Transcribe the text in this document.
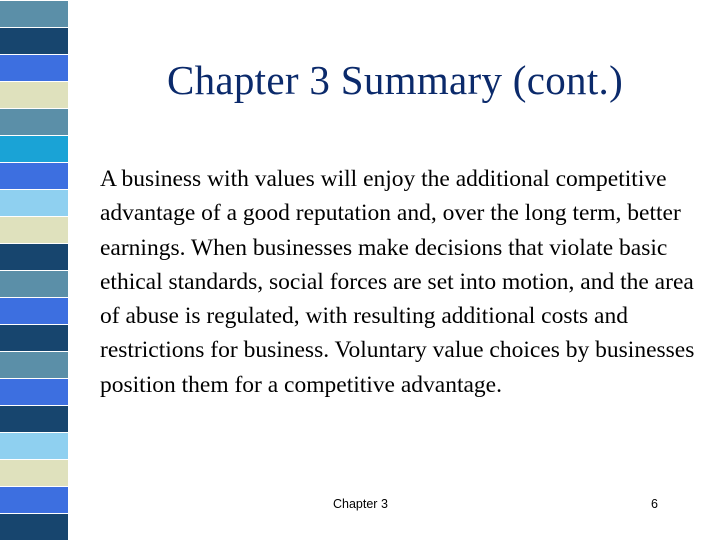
Chapter 3 Summary (cont.)

A business with values will enjoy the additional competitive advantage of a good reputation and, over the long term, better earnings. When businesses make decisions that violate basic ethical standards, social forces are set into motion, and the area of abuse is regulated, with resulting additional costs and restrictions for business. Voluntary value choices by businesses position them for a competitive advantage.

Chapter 3	6
